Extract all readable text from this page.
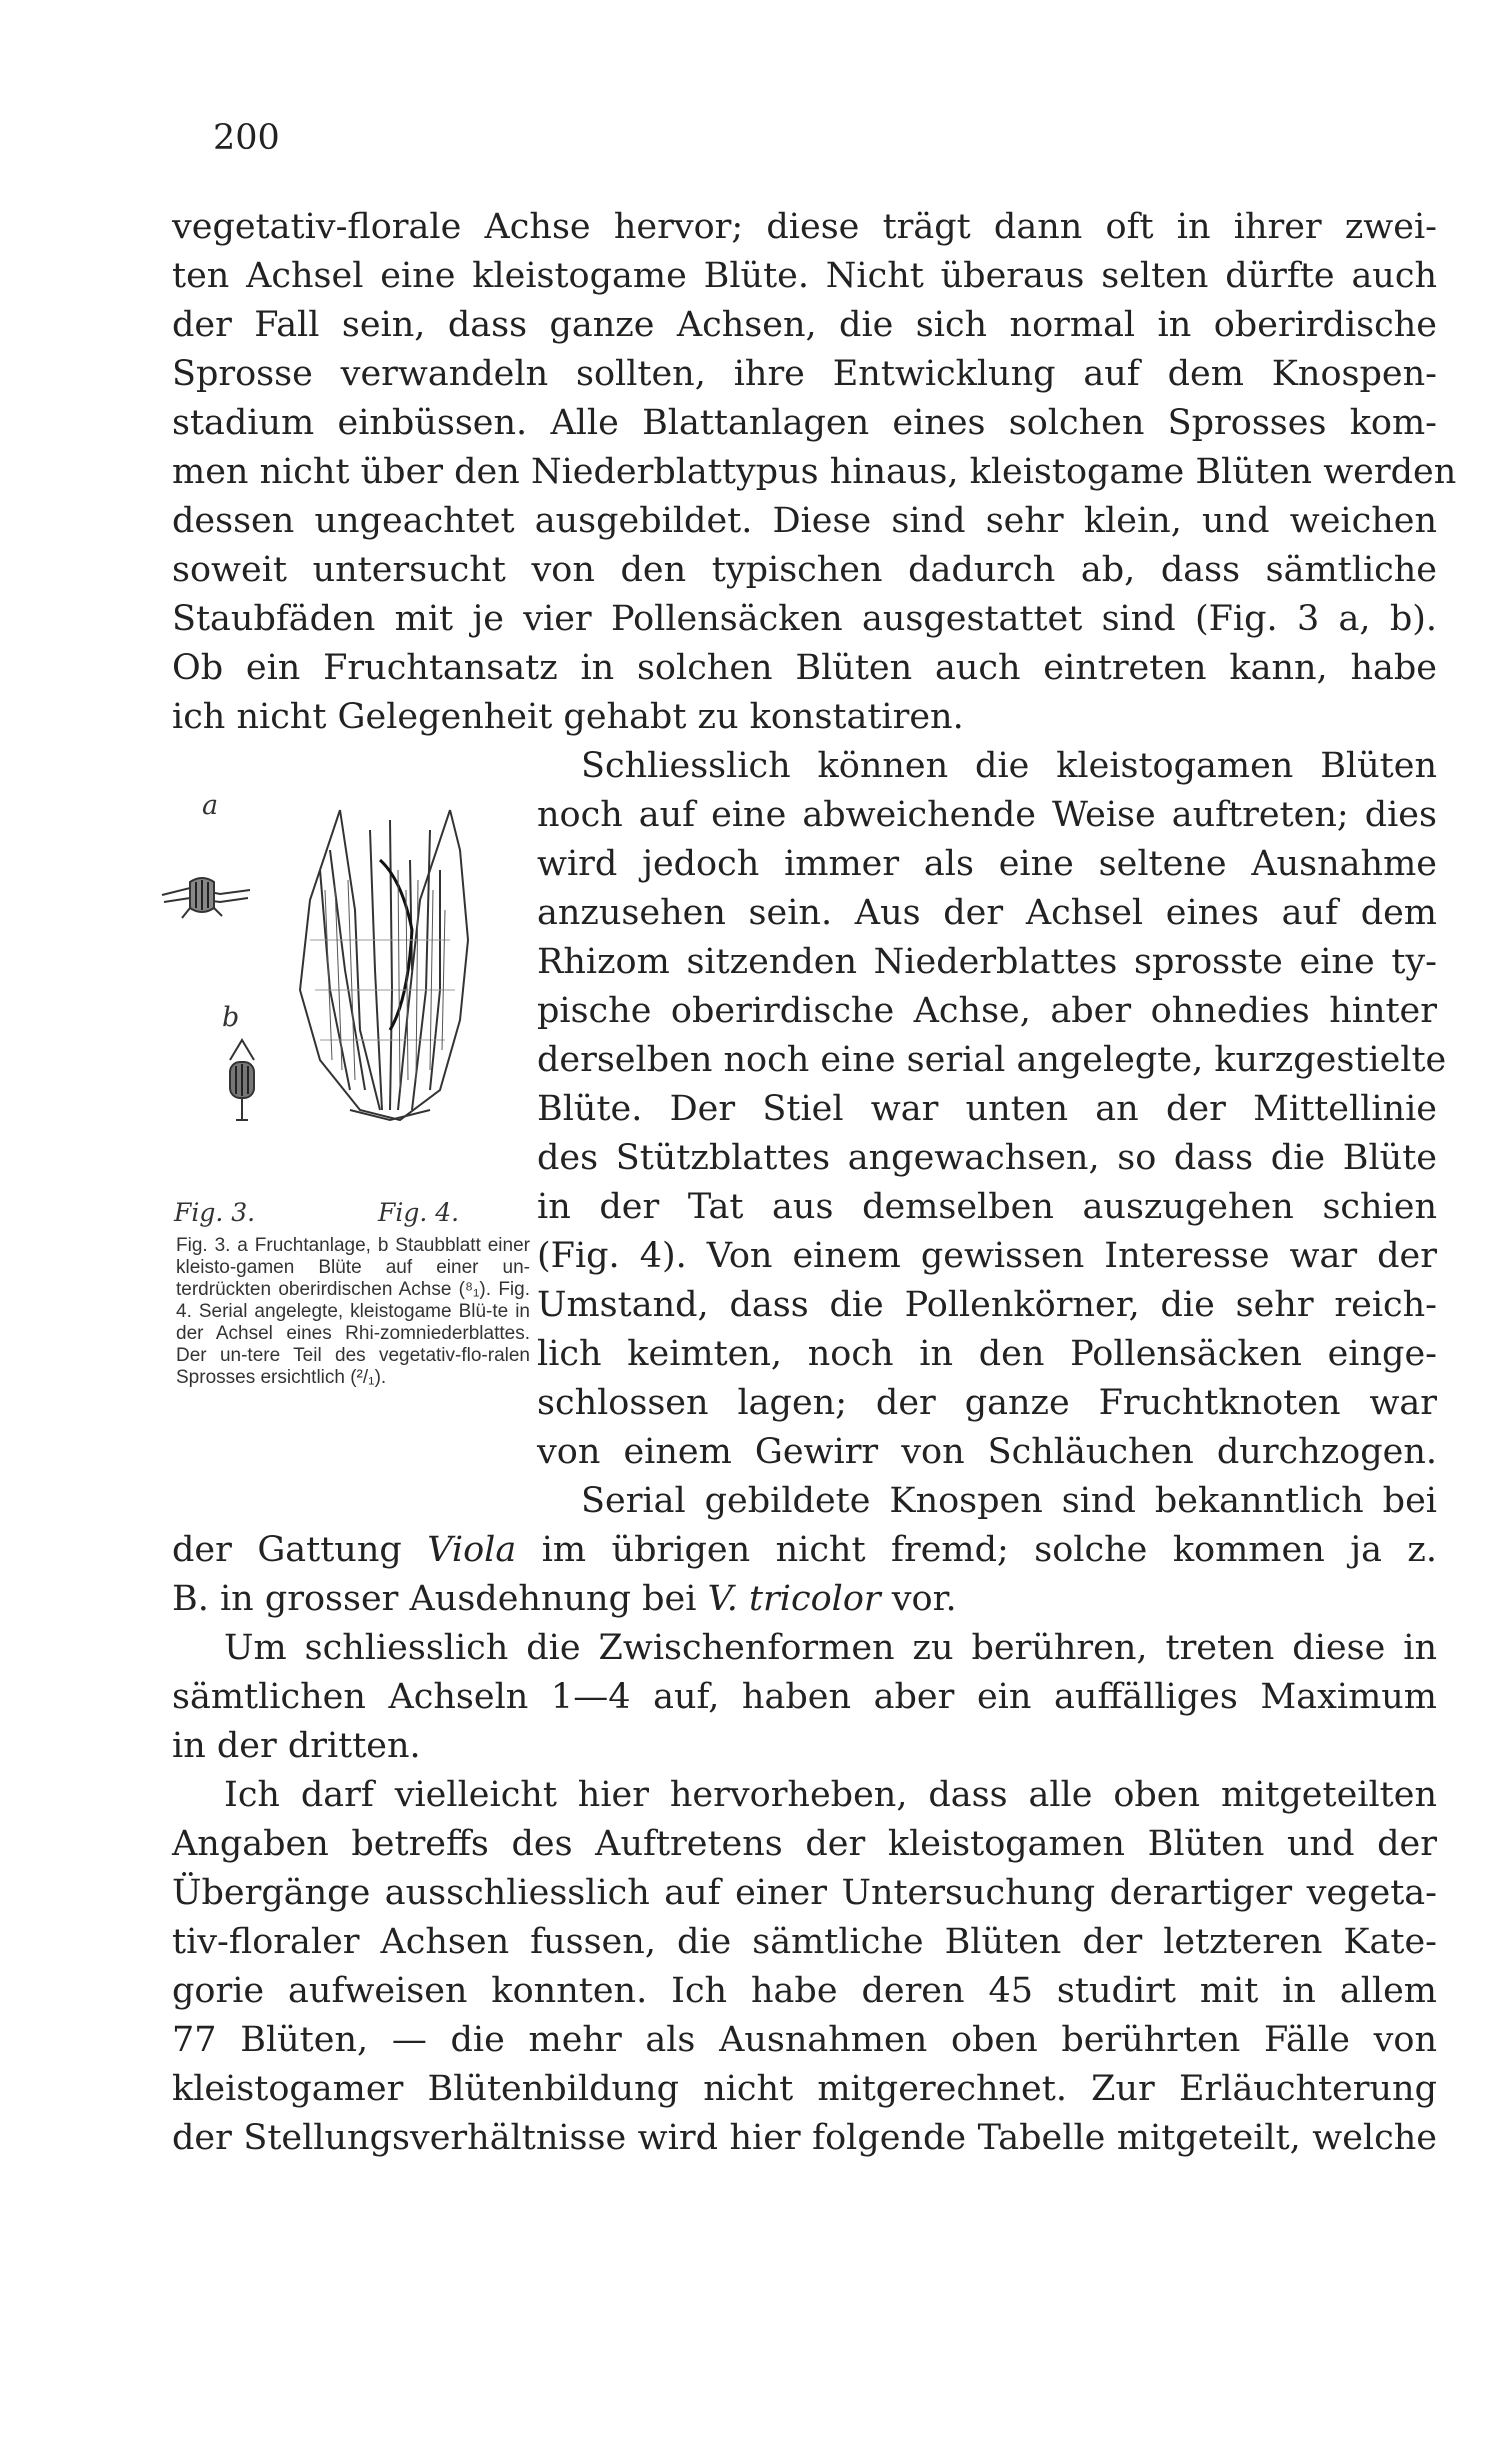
200
vegetativ-florale Achse hervor; diese trägt dann oft in ihrer zwei-
ten Achsel eine kleistogame Blüte. Nicht überaus selten dürfte auch
der Fall sein, dass ganze Achsen, die sich normal in oberirdische
Sprosse verwandeln sollten, ihre Entwicklung auf dem Knospen-
stadium einbüssen. Alle Blattanlagen eines solchen Sprosses kom-
men nicht über den Niederblattypus hinaus, kleistogame Blüten werden
dessen ungeachtet ausgebildet. Diese sind sehr klein, und weichen
soweit untersucht von den typischen dadurch ab, dass sämtliche
Staubfäden mit je vier Pollensäcken ausgestattet sind (Fig. 3 a, b).
Ob ein Fruchtansatz in solchen Blüten auch eintreten kann, habe
ich nicht Gelegenheit gehabt zu konstatiren.
Schliesslich können die kleistogamen Blüten
noch auf eine abweichende Weise auftreten; dies
wird jedoch immer als eine seltene Ausnahme
anzusehen sein. Aus der Achsel eines auf dem
Rhizom sitzenden Niederblattes sprosste eine ty-
pische oberirdische Achse, aber ohnedies hinter
derselben noch eine serial angelegte, kurzgestielte
Blüte. Der Stiel war unten an der Mittellinie
des Stützblattes angewachsen, so dass die Blüte
in der Tat aus demselben auszugehen schien
(Fig. 4). Von einem gewissen Interesse war der
Umstand, dass die Pollenkörner, die sehr reich-
lich keimten, noch in den Pollensäcken einge-
schlossen lagen; der ganze Fruchtknoten war
von einem Gewirr von Schläuchen durchzogen.
Serial gebildete Knospen sind bekanntlich bei
a
b
Fig. 3.	Fig. 4.
Fig. 3. a Fruchtanlage, b Staubblatt einer kleisto-gamen Blüte auf einer un-terdrückten oberirdischen Achse (⁸₁). Fig. 4. Serial angelegte, kleistogame Blü-te in der Achsel eines Rhi-zomniederblattes. Der un-tere Teil des vegetativ-flo-ralen Sprosses ersichtlich (²/₁).
der Gattung Viola im übrigen nicht fremd; solche kommen ja z.
B. in grosser Ausdehnung bei V. tricolor vor.
Um schliesslich die Zwischenformen zu berühren, treten diese in
sämtlichen Achseln 1—4 auf, haben aber ein auffälliges Maximum
in der dritten.
Ich darf vielleicht hier hervorheben, dass alle oben mitgeteilten
Angaben betreffs des Auftretens der kleistogamen Blüten und der
Übergänge ausschliesslich auf einer Untersuchung derartiger vegeta-
tiv-floraler Achsen fussen, die sämtliche Blüten der letzteren Kate-
gorie aufweisen konnten. Ich habe deren 45 studirt mit in allem
77 Blüten, — die mehr als Ausnahmen oben berührten Fälle von
kleistogamer Blütenbildung nicht mitgerechnet. Zur Erläuchterung
der Stellungsverhältnisse wird hier folgende Tabelle mitgeteilt, welche
